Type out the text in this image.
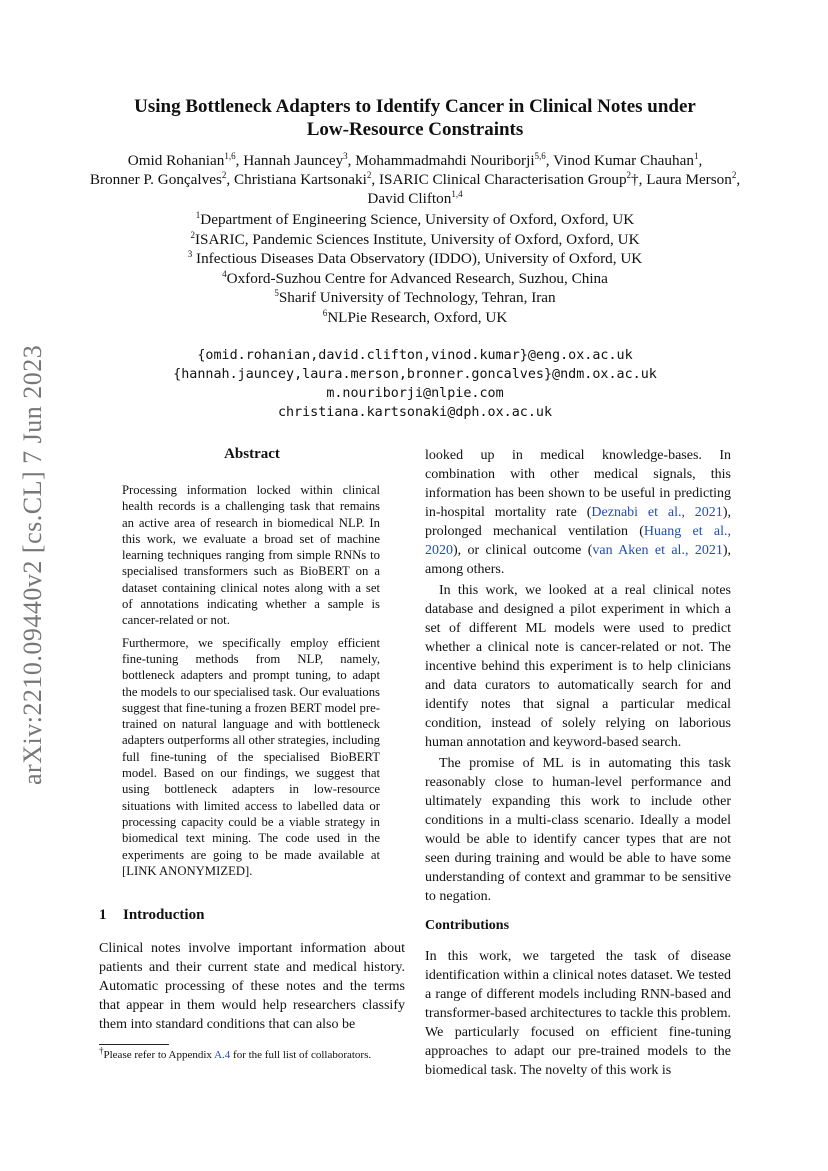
arXiv:2210.09440v2 [cs.CL] 7 Jun 2023
Using Bottleneck Adapters to Identify Cancer in Clinical Notes under
Low-Resource Constraints
Omid Rohanian$^{1,6}$, Hannah Jauncey$^3$, Mohammadmahdi Nouriborji$^{5,6}$, Vinod Kumar Chauhan$^1$,
Bronner P. Gonçalves$^2$, Christiana Kartsonaki$^2$, ISARIC Clinical Characterisation Group$^2$†, Laura Merson$^2$,
David Clifton$^{1,4}$
$^1$Department of Engineering Science, University of Oxford, Oxford, UK
$^2$ISARIC, Pandemic Sciences Institute, University of Oxford, Oxford, UK
$^3$ Infectious Diseases Data Observatory (IDDO), University of Oxford, UK
$^4$Oxford-Suzhou Centre for Advanced Research, Suzhou, China
$^5$Sharif University of Technology, Tehran, Iran
$^6$NLPie Research, Oxford, UK
{omid.rohanian,david.clifton,vinod.kumar}@eng.ox.ac.uk
{hannah.jauncey,laura.merson,bronner.goncalves}@ndm.ox.ac.uk
m.nouriborji@nlpie.com
christiana.kartsonaki@dph.ox.ac.uk
Abstract

Processing information locked within clinical health records is a challenging task that remains an active area of research in biomedical NLP. In this work, we evaluate a broad set of machine learning techniques ranging from simple RNNs to specialised transformers such as BioBERT on a dataset containing clinical notes along with a set of annotations indicating whether a sample is cancer-related or not.

Furthermore, we specifically employ efficient fine-tuning methods from NLP, namely, bottleneck adapters and prompt tuning, to adapt the models to our specialised task. Our evaluations suggest that fine-tuning a frozen BERT model pre-trained on natural language and with bottleneck adapters outperforms all other strategies, including full fine-tuning of the specialised BioBERT model. Based on our findings, we suggest that using bottleneck adapters in low-resource situations with limited access to labelled data or processing capacity could be a viable strategy in biomedical text mining. The code used in the experiments are going to be made available at [LINK ANONYMIZED].

1 Introduction

Clinical notes involve important information about patients and their current state and medical history. Automatic processing of these notes and the terms that appear in them would help researchers classify them into standard conditions that can also be

†Please refer to Appendix A.4 for the full list of collaborators.

looked up in medical knowledge-bases. In combination with other medical signals, this information has been shown to be useful in predicting in-hospital mortality rate (Deznabi et al., 2021), prolonged mechanical ventilation (Huang et al., 2020), or clinical outcome (van Aken et al., 2021), among others.

In this work, we looked at a real clinical notes database and designed a pilot experiment in which a set of different ML models were used to predict whether a clinical note is cancer-related or not. The incentive behind this experiment is to help clinicians and data curators to automatically search for and identify notes that signal a particular medical condition, instead of solely relying on laborious human annotation and keyword-based search.

The promise of ML is in automating this task reasonably close to human-level performance and ultimately expanding this work to include other conditions in a multi-class scenario. Ideally a model would be able to identify cancer types that are not seen during training and would be able to have some understanding of context and grammar to be sensitive to negation.

Contributions

In this work, we targeted the task of disease identification within a clinical notes dataset. We tested a range of different models including RNN-based and transformer-based architectures to tackle this problem. We particularly focused on efficient fine-tuning approaches to adapt our pre-trained models to the biomedical task. The novelty of this work is
